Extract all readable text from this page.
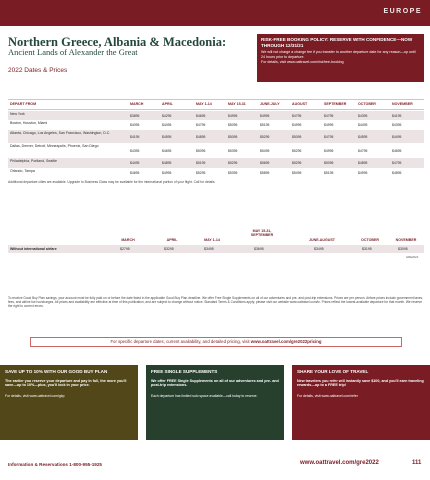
EUROPE
Northern Greece, Albania & Macedonia:
Ancient Lands of Alexander the Great
2022 Dates & Prices
RISK-FREE BOOKING POLICY: RESERVE WITH CONFIDENCE—NOW THROUGH 12/31/21
We will not charge a change fee if you transfer to another departure date for any reason—up until 24 hours prior to departure.
For details, visit www.oattravel.com/riskfree-booking
DEPART FROM	MARCH	APRIL	MAY 1-14	MAY 15-31	JUNE-JULY	AUGUST	SEPTEMBER	OCTOBER	NOVEMBER
New York	$3895	$4295	$4695	$4995	$4995	$4795	$4795	$4395	$4195
Boston, Houston, Miami	$4095	$4495	$4795	$5095	$5195	$4995	$4995	$4495	$4395
Atlanta, Chicago, Los Angeles, San Francisco, Washington, D.C.
$4195	$4595	$4895	$5095	$5295	$5095	$4795	$4595	$4495
Dallas, Denver, Detroit, Minneapolis, Phoenix, San Diego
$4395	$4695	$5095	$5395	$5495	$5295	$4995	$4795	$4695
Philadelphia, Portland, Seattle	$4495	$4895	$5195	$5295	$5695	$5295	$5095	$4895	$4795
Orlando, Tampa	$4695	$4995	$5295	$5395	$5895	$5495	$5195	$4995	$4895
Additional departure cities are available. Upgrade to Business Class may be available for the international portion of your flight. Call for details.
MARCH	APRIL	MAY 1-14
MAY 15-31, SEPTEMBER
JUNE-AUGUST	OCTOBER	NOVEMBER
Without international airfare	$2795	$3295	$3495	$3695	$3495	$3195	$3095
GRE2022
To receive Good Buy Plan savings, your account must be fully paid on or before the date listed in the applicable Good Buy Plan deadline. We offer Free Single Supplements on all of our adventures and pre- and post-trip extensions. Prices are per person. Airfare prices include government taxes, fees, and airline fuel surcharges. All prices and availability are effective at time of this publication, and are subject to change without notice. Standard Terms & Conditions apply; please visit our website www.oattravel.com/tc. Prices reflect the lowest-available departure for that month. We reserve the right to correct errors.
For specific departure dates, current availability, and detailed pricing, visit www.oattravel.com/gre2022pricing
SAVE UP TO 10% WITH OUR GOOD BUY PLAN
The earlier you reserve your departure and pay in full, the more you'll save—up to 10%—plus, you'll lock in your price.
For details, visit www.oattravel.com/gbp
FREE SINGLE SUPPLEMENTS
We offer FREE Single Supplements on all of our adventures and pre- and post-trip extensions.
Each departure has limited solo space available—call today to reserve.
SHARE YOUR LOVE OF TRAVEL
New travelers you refer will instantly save $100, and you'll earn traveling rewards—up to a FREE trip!
For details, visit www.oattravel.com/refer
Information & Reservations 1-800-955-1925	www.oattravel.com/gre2022	111
